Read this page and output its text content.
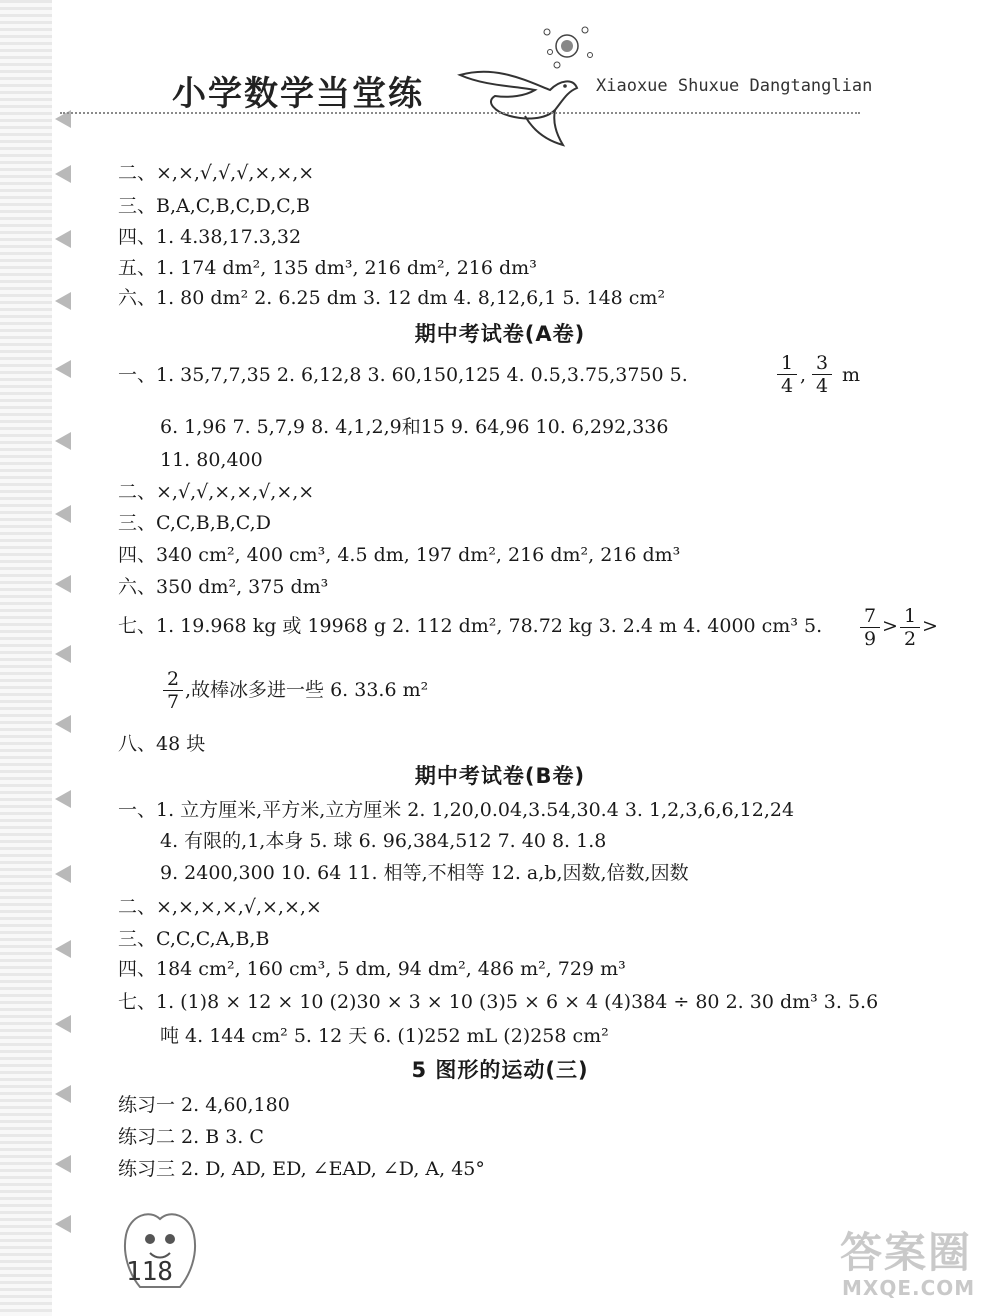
小学数学当堂练	Xiaoxue Shuxue Dangtanglian
二、×,×,√,√,√,×,×,×
三、B,A,C,B,C,D,C,B
四、1. 4.38,17.3,32
五、1. 174 dm², 135 dm³, 216 dm², 216 dm³
六、1. 80 dm² 2. 6.25 dm 3. 12 dm 4. 8,12,6,1 5. 148 cm²
期中考试卷(A卷)
一、1. 35,7,7,35 2. 6,12,8 3. 60,150,125 4. 0.5,3.75,3750 5.	$\frac{1}{4}$ , $\frac{3}{4}$ m
6. 1,96 7. 5,7,9 8. 4,1,2,9和15 9. 64,96 10. 6,292,336
11. 80,400
二、×,√,√,×,×,√,×,×
三、C,C,B,B,C,D
四、340 cm², 400 cm³, 4.5 dm, 197 dm², 216 dm², 216 dm³
六、350 dm², 375 dm³
七、1. 19.968 kg 或 19968 g 2. 112 dm², 78.72 kg 3. 2.4 m 4. 4000 cm³ 5. $\frac{7}{9} > \frac{1}{2}$ >
$\frac{2}{7}$ ,故棒冰多进一些 6. 33.6 m²
八、48 块
期中考试卷(B卷)
一、1. 立方厘米,平方米,立方厘米 2. 1,20,0.04,3.54,30.4 3. 1,2,3,6,6,12,24
4. 有限的,1,本身 5. 球 6. 96,384,512 7. 40 8. 1.8
9. 2400,300 10. 64 11. 相等,不相等 12. a,b,因数,倍数,因数
二、×,×,×,×,√,×,×,×
三、C,C,C,A,B,B
四、184 cm², 160 cm³, 5 dm, 94 dm², 486 m², 729 m³
七、1. (1)8 × 12 × 10 (2)30 × 3 × 10 (3)5 × 6 × 4 (4)384 ÷ 80 2. 30 dm³ 3. 5.6
吨 4. 144 cm² 5. 12 天 6. (1)252 mL (2)258 cm²
5 图形的运动(三)
练习一 2. 4,60,180
练习二 2. B 3. C
练习三 2. D, AD, ED, ∠EAD, ∠D, A, 45°
118	答案圈
MXQE.COM
